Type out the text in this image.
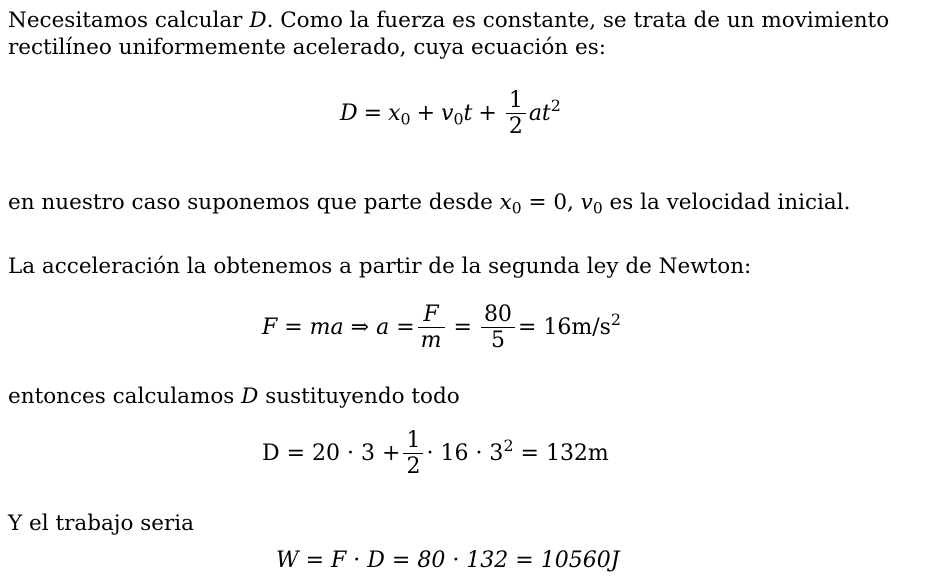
Necesitamos calcular D. Como la fuerza es constante, se trata de un movimiento
rectilíneo uniformemente acelerado, cuya ecuación es:
$D = x_0 + v_0t + \frac{1}{2} at^2$
en nuestro caso suponemos que parte desde $x_0 = 0$, $v_0$ es la velocidad inicial.
La acceleración la obtenemos a partir de la segunda ley de Newton:
F = ma ⇒ $a = \frac{F}{m} = \frac{80}{5} = 16m/s^2$
entonces calculamos D sustituyendo todo
$D = 20 \cdot 3 + \frac{1}{2} \cdot 16 \cdot 3^2 = 132m$
Y el trabajo seria
W = F · D = 80 · 132 = 10560J
